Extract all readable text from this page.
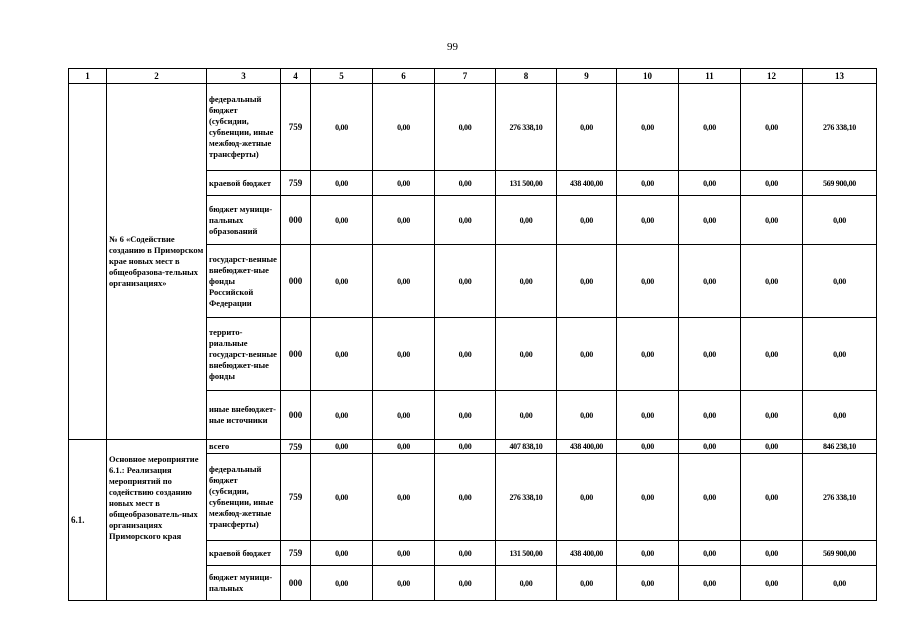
99
1	2	3	4	5	6	7	8	9	10	11	12	13
	№ 6 «Содействие созданию в Приморском крае новых мест в общеобразова-тельных организациях»	федеральный бюджет (субсидии, субвенции, иные межбюд-жетные трансферты)	759	0,00	0,00	0,00	276 338,10	0,00	0,00	0,00	0,00	276 338,10
		краевой бюджет	759	0,00	0,00	0,00	131 500,00	438 400,00	0,00	0,00	0,00	569 900,00
		бюджет муници-пальных образований	000	0,00	0,00	0,00	0,00	0,00	0,00	0,00	0,00	0,00
		государст-венные внебюджет-ные фонды Российской Федерации	000	0,00	0,00	0,00	0,00	0,00	0,00	0,00	0,00	0,00
		террито-риальные государст-венные внебюджет-ные фонды	000	0,00	0,00	0,00	0,00	0,00	0,00	0,00	0,00	0,00
		иные внебюджет-ные источники	000	0,00	0,00	0,00	0,00	0,00	0,00	0,00	0,00	0,00
6.1.	Основное мероприятие 6.1.: Реализация мероприятий по содействию созданию новых мест в общеобразователь-ных организациях Приморского края	всего	759	0,00	0,00	0,00	407 838,10	438 400,00	0,00	0,00	0,00	846 238,10
		федеральный бюджет (субсидии, субвенции, иные межбюд-жетные трансферты)	759	0,00	0,00	0,00	276 338,10	0,00	0,00	0,00	0,00	276 338,10
		краевой бюджет	759	0,00	0,00	0,00	131 500,00	438 400,00	0,00	0,00	0,00	569 900,00
		бюджет муници-пальных	000	0,00	0,00	0,00	0,00	0,00	0,00	0,00	0,00	0,00
